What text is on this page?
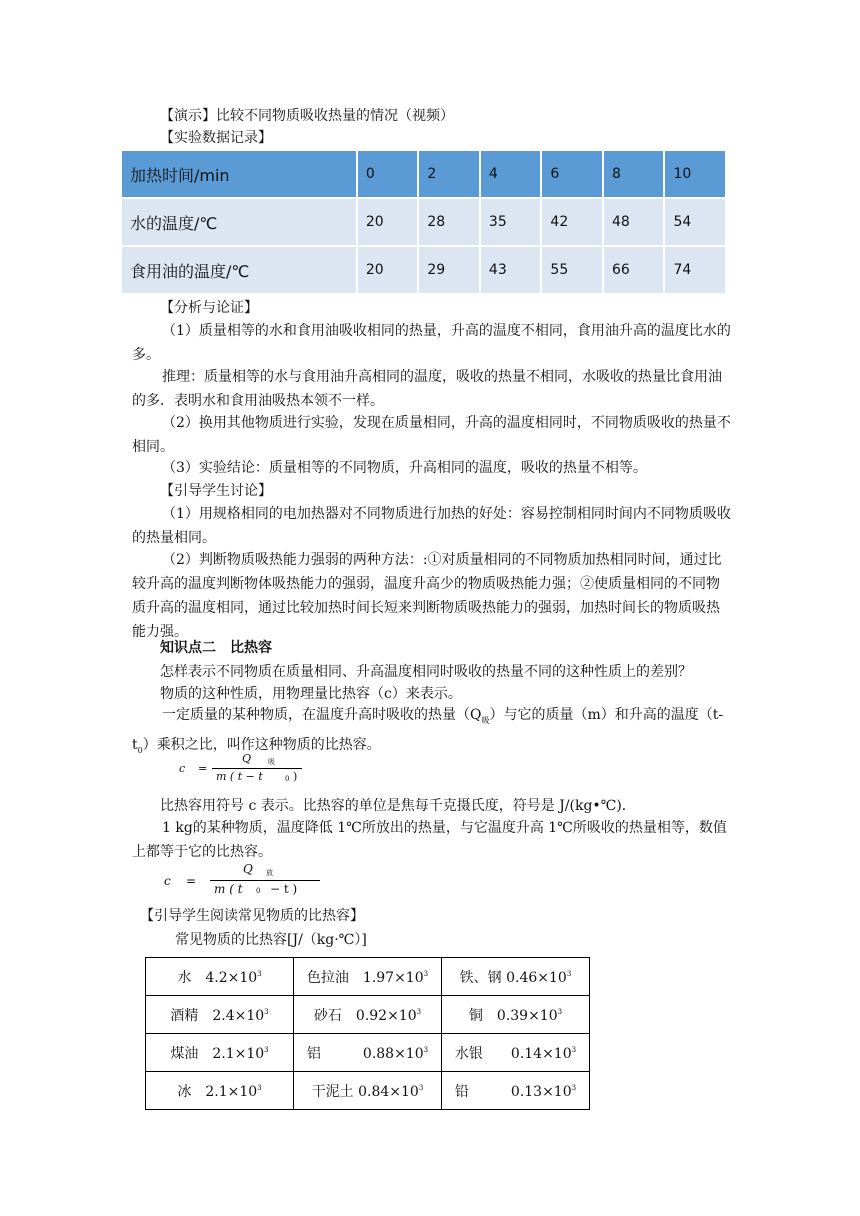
【演示】比较不同物质吸收热量的情况（视频）
【实验数据记录】
加热时间/min	0	2	4	6	8	10
水的温度/℃	20	28	35	42	48	54
食用油的温度/℃	20	29	43	55	66	74
【分析与论证】
（1）质量相等的水和食用油吸收相同的热量，升高的温度不相同，食用油升高的温度比水的多。
推理：质量相等的水与食用油升高相同的温度，吸收的热量不相同，水吸收的热量比食用油的多．表明水和食用油吸热本领不一样。
（2）换用其他物质进行实验，发现在质量相同，升高的温度相同时，不同物质吸收的热量不相同。
（3）实验结论：质量相等的不同物质，升高相同的温度，吸收的热量不相等。
【引导学生讨论】
（1）用规格相同的电加热器对不同物质进行加热的好处：容易控制相同时间内不同物质吸收的热量相同。
（2）判断物质吸热能力强弱的两种方法：:①对质量相同的不同物质加热相同时间，通过比较升高的温度判断物体吸热能力的强弱，温度升高少的物质吸热能力强；②使质量相同的不同物质升高的温度相同，通过比较加热时间长短来判断物质吸热能力的强弱，加热时间长的物质吸热能力强。
知识点二　比热容
怎样表示不同物质在质量相同、升高温度相同时吸收的热量不同的这种性质上的差别？
物质的这种性质，用物理量比热容（c）来表示。
一定质量的某种物质，在温度升高时吸收的热量$(Q_吸)$与它的质量（m）和升高的温度$(t-t_0)$乘积之比，叫作这种物质的比热容。
c =
Q 吸
m ( t − t	0 )
比热容用符号 c 表示。比热容的单位是焦每千克摄氏度，符号是 J/(kg•℃)．
1 kg的某种物质，温度降低 1℃所放出的热量，与它温度升高 1℃所吸收的热量相等，数值上都等于它的比热容。
c =
Q 放
m ( t 0 − t )
【引导学生阅读常见物质的比热容】
常见物质的比热容[J/（kg·℃）]
水　$4.2\times 10^3$	色拉油　$1.97\times 10^3$	铁、钢 $0.46\times 10^3$
酒精　$2.4\times 10^3$	砂石　$0.92\times 10^3$	铜　$0.39\times 10^3$
煤油　$2.1\times 10^3$	铝　　　$0.88\times 10^3$	水银　　$0.14\times 10^3$
冰　$2.1\times 10^3$	干泥土 $0.84\times 10^3$	铅　　　$0.13\times 10^3$
